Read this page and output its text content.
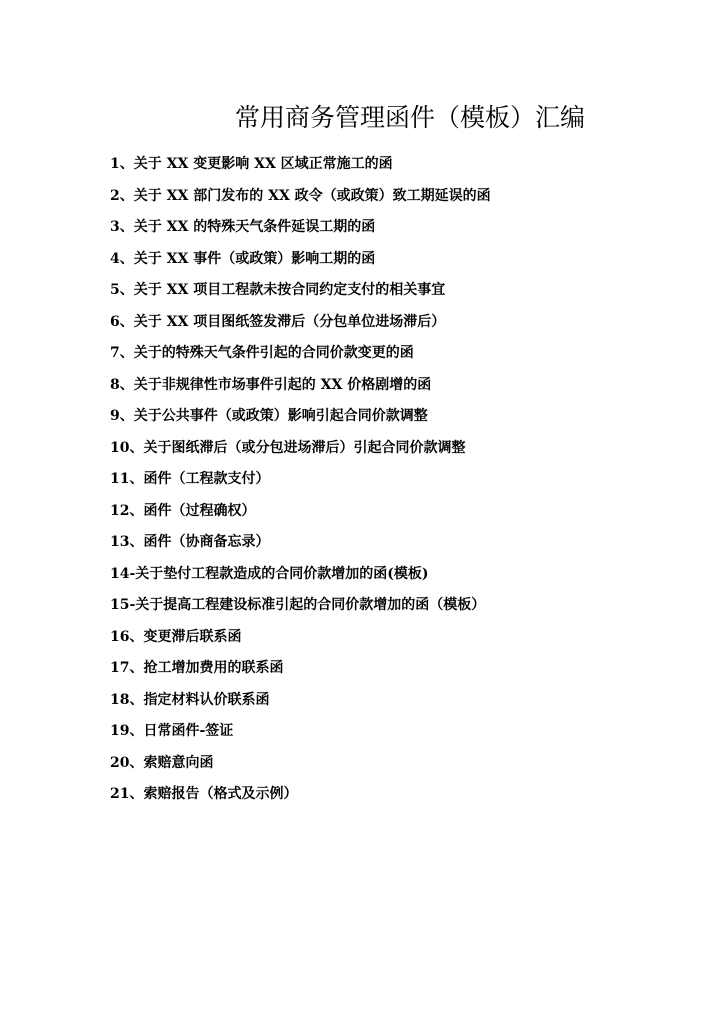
常用商务管理函件（模板）汇编
1、关于 XX 变更影响 XX 区域正常施工的函
2、关于 XX 部门发布的 XX 政令（或政策）致工期延误的函
3、关于 XX 的特殊天气条件延误工期的函
4、关于 XX 事件（或政策）影响工期的函
5、关于 XX 项目工程款未按合同约定支付的相关事宜
6、关于 XX 项目图纸签发滞后（分包单位进场滞后）
7、关于的特殊天气条件引起的合同价款变更的函
8、关于非规律性市场事件引起的 XX 价格剧增的函
9、关于公共事件（或政策）影响引起合同价款调整
10、关于图纸滞后（或分包进场滞后）引起合同价款调整
11、函件（工程款支付）
12、函件（过程确权）
13、函件（协商备忘录）
14-关于垫付工程款造成的合同价款增加的函(模板)
15-关于提高工程建设标准引起的合同价款增加的函（模板）
16、变更滞后联系函
17、抢工增加费用的联系函
18、指定材料认价联系函
19、日常函件-签证
20、索赔意向函
21、索赔报告（格式及示例）
